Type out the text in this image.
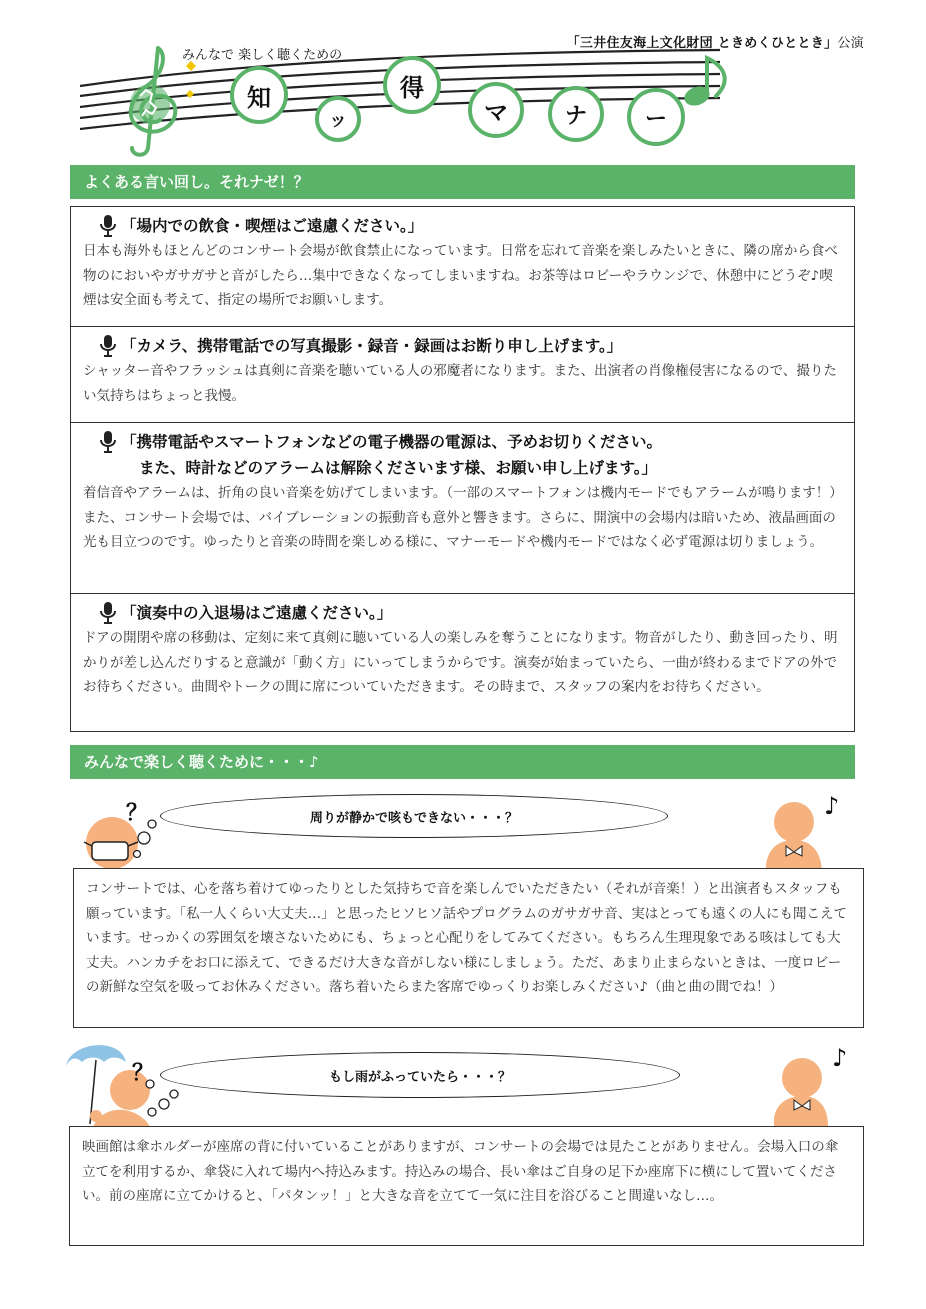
「三井住友海上文化財団 ときめくひととき」公演
みんなで 楽しく聴くための
知
ッ
得
マ	ナ	ー
よくある言い回し。それナゼ！？
「場内での飲食・喫煙はご遠慮ください。」
日本も海外もほとんどのコンサート会場が飲食禁止になっています。日常を忘れて音楽を楽しみたいときに、隣の席から食べ物のにおいやガサガサと音がしたら…集中できなくなってしまいますね。お茶等はロビーやラウンジで、休憩中にどうぞ♪喫煙は安全面も考えて、指定の場所でお願いします。
「カメラ、携帯電話での写真撮影・録音・録画はお断り申し上げます。」
シャッター音やフラッシュは真剣に音楽を聴いている人の邪魔者になります。また、出演者の肖像権侵害になるので、撮りたい気持ちはちょっと我慢。
「携帯電話やスマートフォンなどの電子機器の電源は、予めお切りください。
また、時計などのアラームは解除くださいます様、お願い申し上げます。」
着信音やアラームは、折角の良い音楽を妨げてしまいます。（一部のスマートフォンは機内モードでもアラームが鳴ります！）また、コンサート会場では、バイブレーションの振動音も意外と響きます。さらに、開演中の会場内は暗いため、液晶画面の光も目立つのです。ゆったりと音楽の時間を楽しめる様に、マナーモードや機内モードではなく必ず電源は切りましょう。
「演奏中の入退場はご遠慮ください。」
ドアの開閉や席の移動は、定刻に来て真剣に聴いている人の楽しみを奪うことになります。物音がしたり、動き回ったり、明かりが差し込んだりすると意識が「動く方」にいってしまうからです。演奏が始まっていたら、一曲が終わるまでドアの外でお待ちください。曲間やトークの間に席についていただきます。その時まで、スタッフの案内をお待ちください。
みんなで楽しく聴くために・・・♪
？	周りが静かで咳もできない・・・？	♪
コンサートでは、心を落ち着けてゆったりとした気持ちで音を楽しんでいただきたい（それが音楽！）と出演者もスタッフも願っています。「私一人くらい大丈夫…」と思ったヒソヒソ話やプログラムのガサガサ音、実はとっても遠くの人にも聞こえています。せっかくの雰囲気を壊さないためにも、ちょっと心配りをしてみてください。もちろん生理現象である咳はしても大丈夫。ハンカチをお口に添えて、できるだけ大きな音がしない様にしましょう。ただ、あまり止まらないときは、一度ロビーの新鮮な空気を吸ってお休みください。落ち着いたらまた客席でゆっくりお楽しみください♪（曲と曲の間でね！）
？	もし雨がふっていたら・・・？
♪
映画館は傘ホルダーが座席の背に付いていることがありますが、コンサートの会場では見たことがありません。会場入口の傘立てを利用するか、傘袋に入れて場内へ持込みます。持込みの場合、長い傘はご自身の足下か座席下に横にして置いてください。前の座席に立てかけると、「パタンッ！」と大きな音を立てて一気に注目を浴びること間違いなし…。
